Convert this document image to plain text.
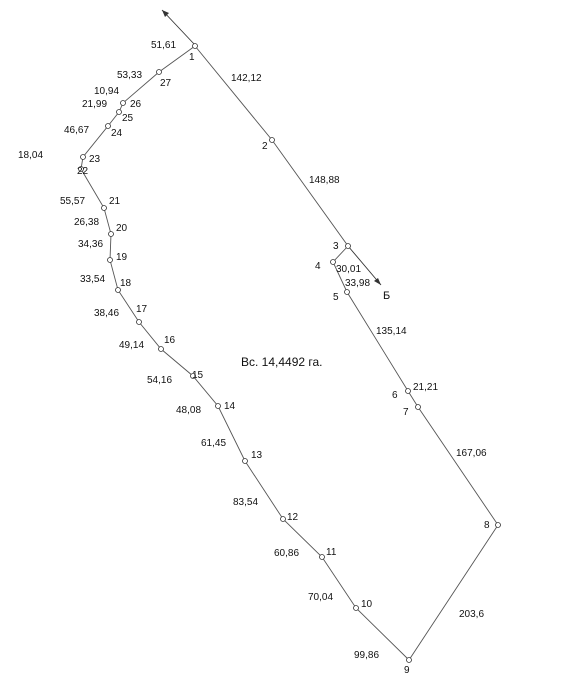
1
2
3
4
5
6
7
8
9
10
11
12
13
14
15
16
17
18
19
20
21
22
23
24
25
26
27	142,12
148,88
30,01
33,98
135,14
21,21
167,06
203,6
99,86
70,04
60,86
83,54
61,45
48,08
54,16
49,14
38,46
33,54
34,36
26,38
55,57
18,04
46,67
21,99
10,94
53,33
51,61
Вс. 14,4492 га.
Б
